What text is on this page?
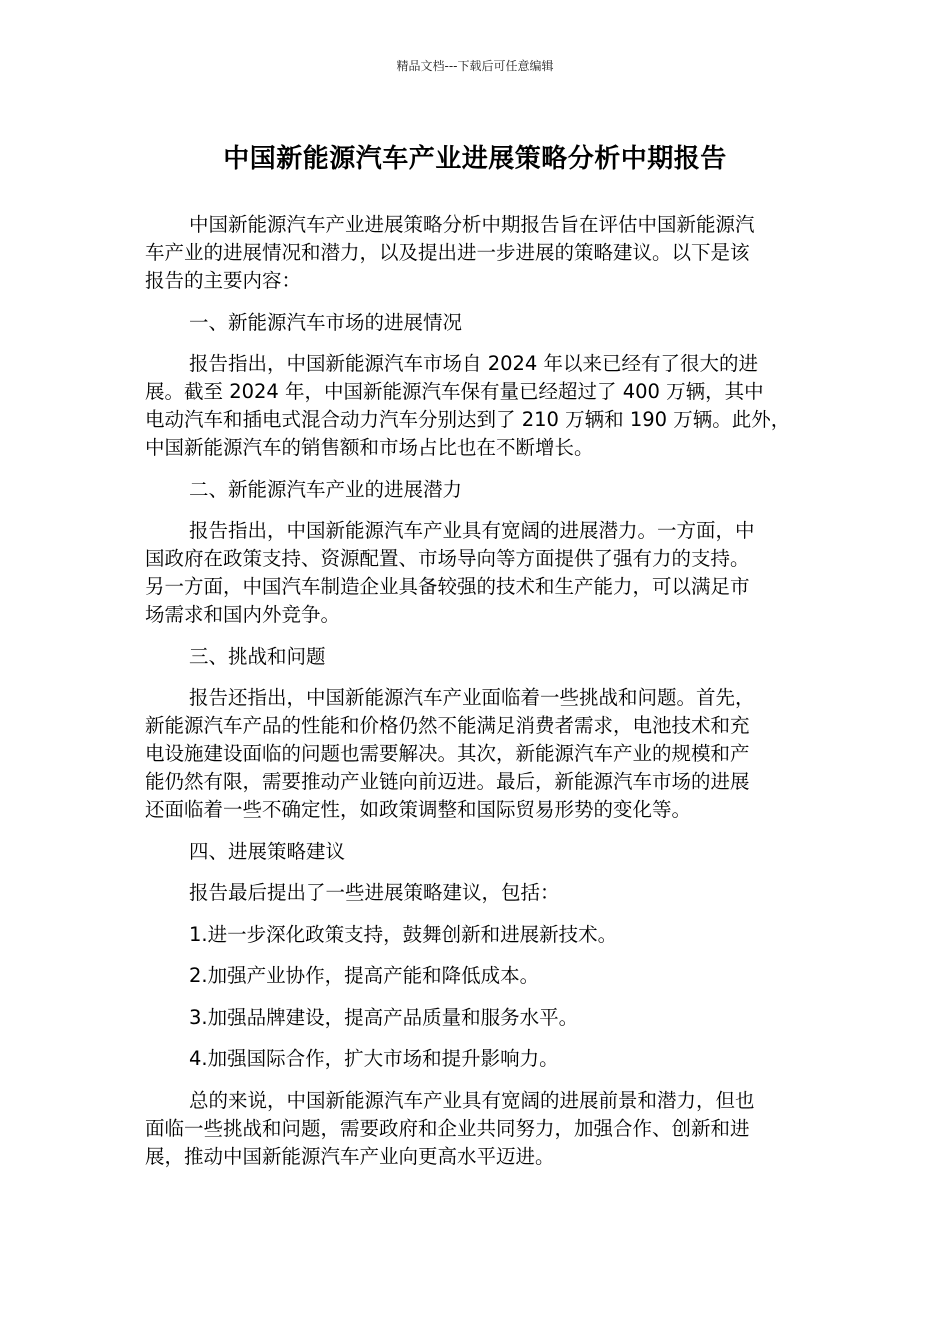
精品文档---下载后可任意编辑
中国新能源汽车产业进展策略分析中期报告
中国新能源汽车产业进展策略分析中期报告旨在评估中国新能源汽
车产业的进展情况和潜力，以及提出进一步进展的策略建议。以下是该
报告的主要内容：
一、新能源汽车市场的进展情况
报告指出，中国新能源汽车市场自 2024 年以来已经有了很大的进
展。截至 2024 年，中国新能源汽车保有量已经超过了 400 万辆，其中
电动汽车和插电式混合动力汽车分别达到了 210 万辆和 190 万辆。此外，
中国新能源汽车的销售额和市场占比也在不断增长。
二、新能源汽车产业的进展潜力
报告指出，中国新能源汽车产业具有宽阔的进展潜力。一方面，中
国政府在政策支持、资源配置、市场导向等方面提供了强有力的支持。
另一方面，中国汽车制造企业具备较强的技术和生产能力，可以满足市
场需求和国内外竞争。
三、挑战和问题
报告还指出，中国新能源汽车产业面临着一些挑战和问题。首先，
新能源汽车产品的性能和价格仍然不能满足消费者需求，电池技术和充
电设施建设面临的问题也需要解决。其次，新能源汽车产业的规模和产
能仍然有限，需要推动产业链向前迈进。最后，新能源汽车市场的进展
还面临着一些不确定性，如政策调整和国际贸易形势的变化等。
四、进展策略建议
报告最后提出了一些进展策略建议，包括：
1.进一步深化政策支持，鼓舞创新和进展新技术。
2.加强产业协作，提高产能和降低成本。
3.加强品牌建设，提高产品质量和服务水平。
4.加强国际合作，扩大市场和提升影响力。
总的来说，中国新能源汽车产业具有宽阔的进展前景和潜力，但也
面临一些挑战和问题，需要政府和企业共同努力，加强合作、创新和进
展，推动中国新能源汽车产业向更高水平迈进。
